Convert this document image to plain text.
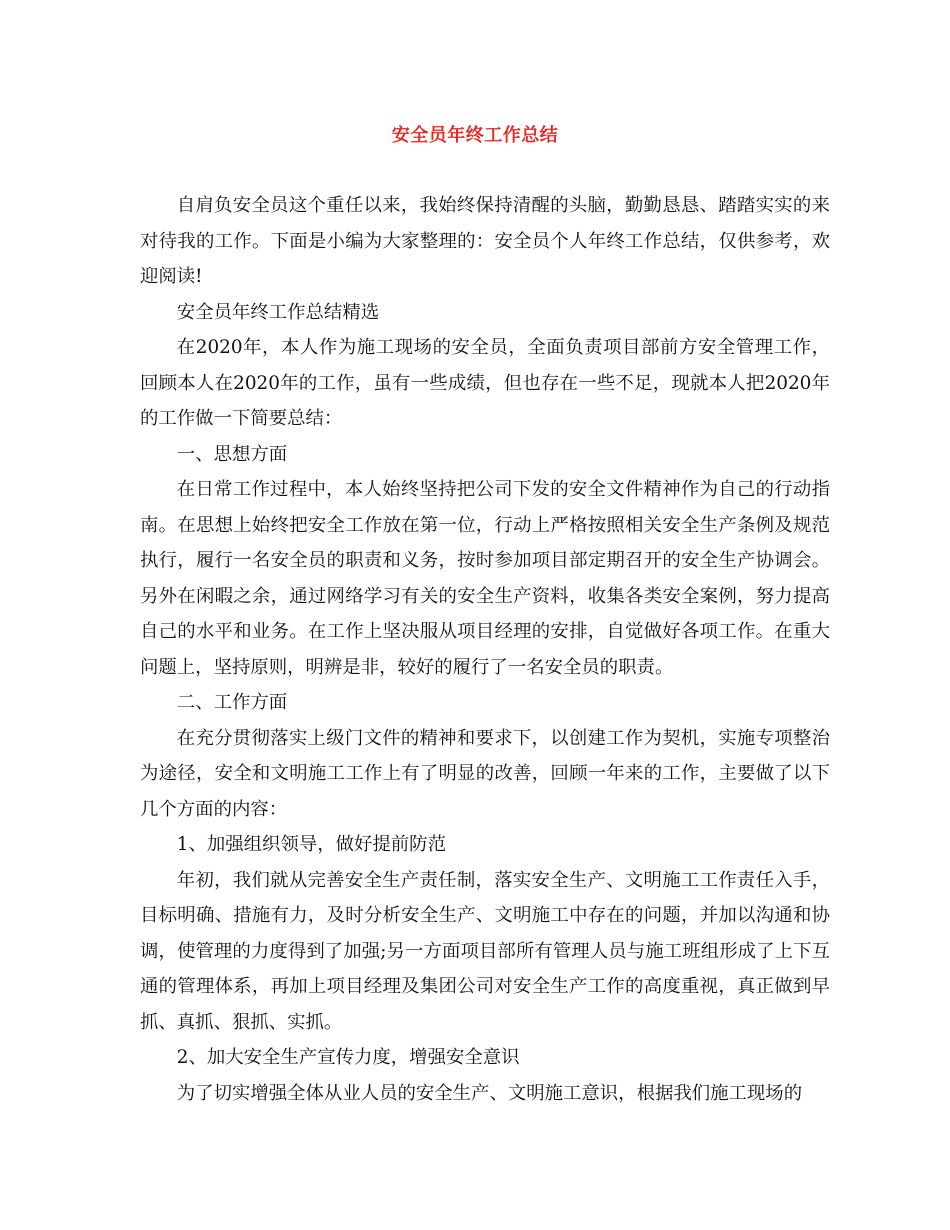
安全员年终工作总结

自肩负安全员这个重任以来，我始终保持清醒的头脑，勤勤恳恳、踏踏实实的来对待我的工作。下面是小编为大家整理的：安全员个人年终工作总结，仅供参考，欢迎阅读!

安全员年终工作总结精选

在2020年，本人作为施工现场的安全员，全面负责项目部前方安全管理工作，回顾本人在2020年的工作，虽有一些成绩，但也存在一些不足，现就本人把2020年的工作做一下简要总结：

一、思想方面

在日常工作过程中，本人始终坚持把公司下发的安全文件精神作为自己的行动指南。在思想上始终把安全工作放在第一位，行动上严格按照相关安全生产条例及规范执行，履行一名安全员的职责和义务，按时参加项目部定期召开的安全生产协调会。另外在闲暇之余，通过网络学习有关的安全生产资料，收集各类安全案例，努力提高自己的水平和业务。在工作上坚决服从项目经理的安排，自觉做好各项工作。在重大问题上，坚持原则，明辨是非，较好的履行了一名安全员的职责。

二、工作方面

在充分贯彻落实上级门文件的精神和要求下，以创建工作为契机，实施专项整治为途径，安全和文明施工工作上有了明显的改善，回顾一年来的工作，主要做了以下几个方面的内容：

1、加强组织领导，做好提前防范

年初，我们就从完善安全生产责任制，落实安全生产、文明施工工作责任入手，目标明确、措施有力，及时分析安全生产、文明施工中存在的问题，并加以沟通和协调，使管理的力度得到了加强;另一方面项目部所有管理人员与施工班组形成了上下互通的管理体系，再加上项目经理及集团公司对安全生产工作的高度重视，真正做到早抓、真抓、狠抓、实抓。

2、加大安全生产宣传力度，增强安全意识

为了切实增强全体从业人员的安全生产、文明施工意识，根据我们施工现场的
